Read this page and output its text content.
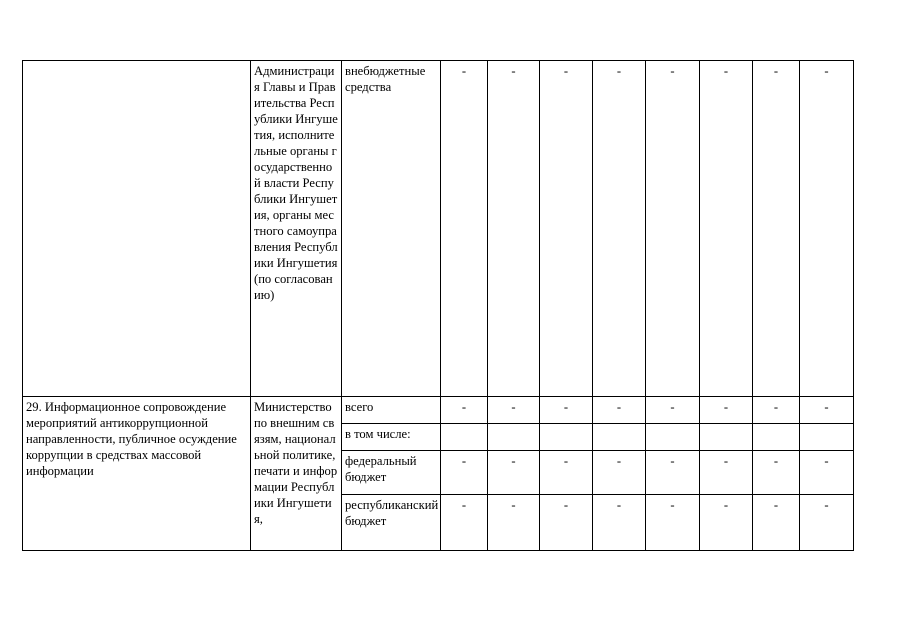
	Администрация Главы и Правительства Республики Ингушетия, исполнительные органы государственной власти Республики Ингушетия, органы местного самоуправления Республики Ингушетия (по согласованию)	внебюджетные средства	-	-	-	-	-	-	-	-
29. Информационное сопровождение мероприятий антикоррупционной направленности, публичное осуждение коррупции в средствах массовой информации	Министерство по внешним связям, национальной политике, печати и информации Республики Ингушетия,	всего	-	-	-	-	-	-	-	-
		в том числе:								
		федеральный бюджет	-	-	-	-	-	-	-	-
		республиканский бюджет	-	-	-	-	-	-	-	-
